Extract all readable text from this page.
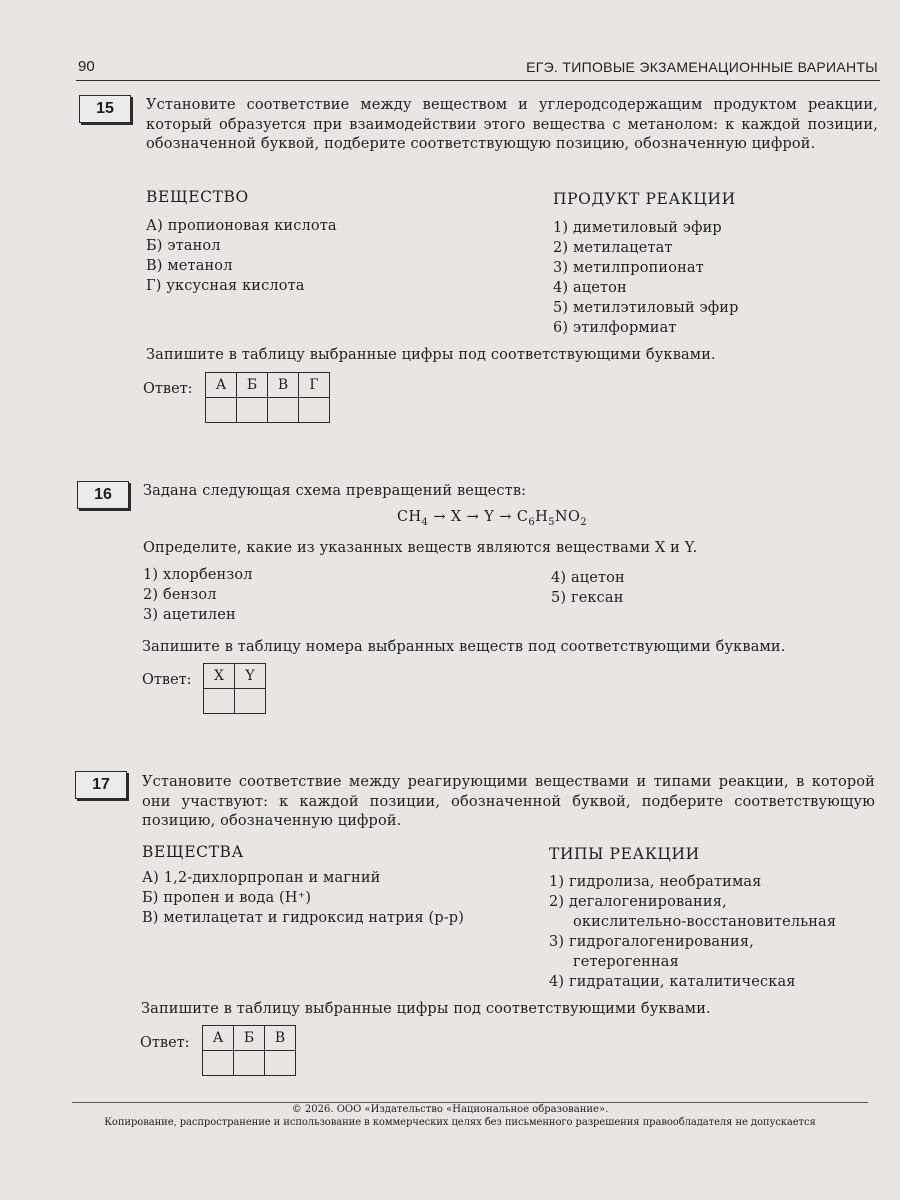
90	ЕГЭ. ТИПОВЫЕ ЭКЗАМЕНАЦИОННЫЕ ВАРИАНТЫ
15	Установите соответствие между веществом и углеродсодержащим продуктом реакции, который образуется при взаимодействии этого вещества с метанолом: к каждой позиции, обозначенной буквой, подберите соответствующую позицию, обозначенную цифрой.
ВЕЩЕСТВО
А) пропионовая кислота
Б) этанол
В) метанол
Г) уксусная кислота
ПРОДУКТ РЕАКЦИИ
1) диметиловый эфир
2) метилацетат
3) метилпропионат
4) ацетон
5) метилэтиловый эфир
6) этилформиат
Запишите в таблицу выбранные цифры под соответствующими буквами.
Ответ: А	Б	В	Г

16	Задана следующая схема превращений веществ:
$CH_4 \to X \to Y \to C_6H_5NO_2$
Определите, какие из указанных веществ являются веществами X и Y.
1) хлорбензол
2) бензол
3) ацетилен
4) ацетон
5) гексан
Запишите в таблицу номера выбранных веществ под соответствующими буквами.
Ответ: X	Y

17	Установите соответствие между реагирующими веществами и типами реакции, в которой они участвуют: к каждой позиции, обозначенной буквой, подберите соответствующую позицию, обозначенную цифрой.
ВЕЩЕСТВА
А) 1,2-дихлорпропан и магний
Б) пропен и вода (H⁺)
В) метилацетат и гидроксид натрия (р-р)
ТИПЫ РЕАКЦИИ
1) гидролиза, необратимая
2) дегалогенирования,
окислительно-восстановительная
3) гидрогалогенирования,
гетерогенная
4) гидратации, каталитическая
Запишите в таблицу выбранные цифры под соответствующими буквами.
Ответ: А	Б	В

© 2026. ООО «Издательство «Национальное образование».
Копирование, распространение и использование в коммерческих целях без письменного разрешения правообладателя не допускается
